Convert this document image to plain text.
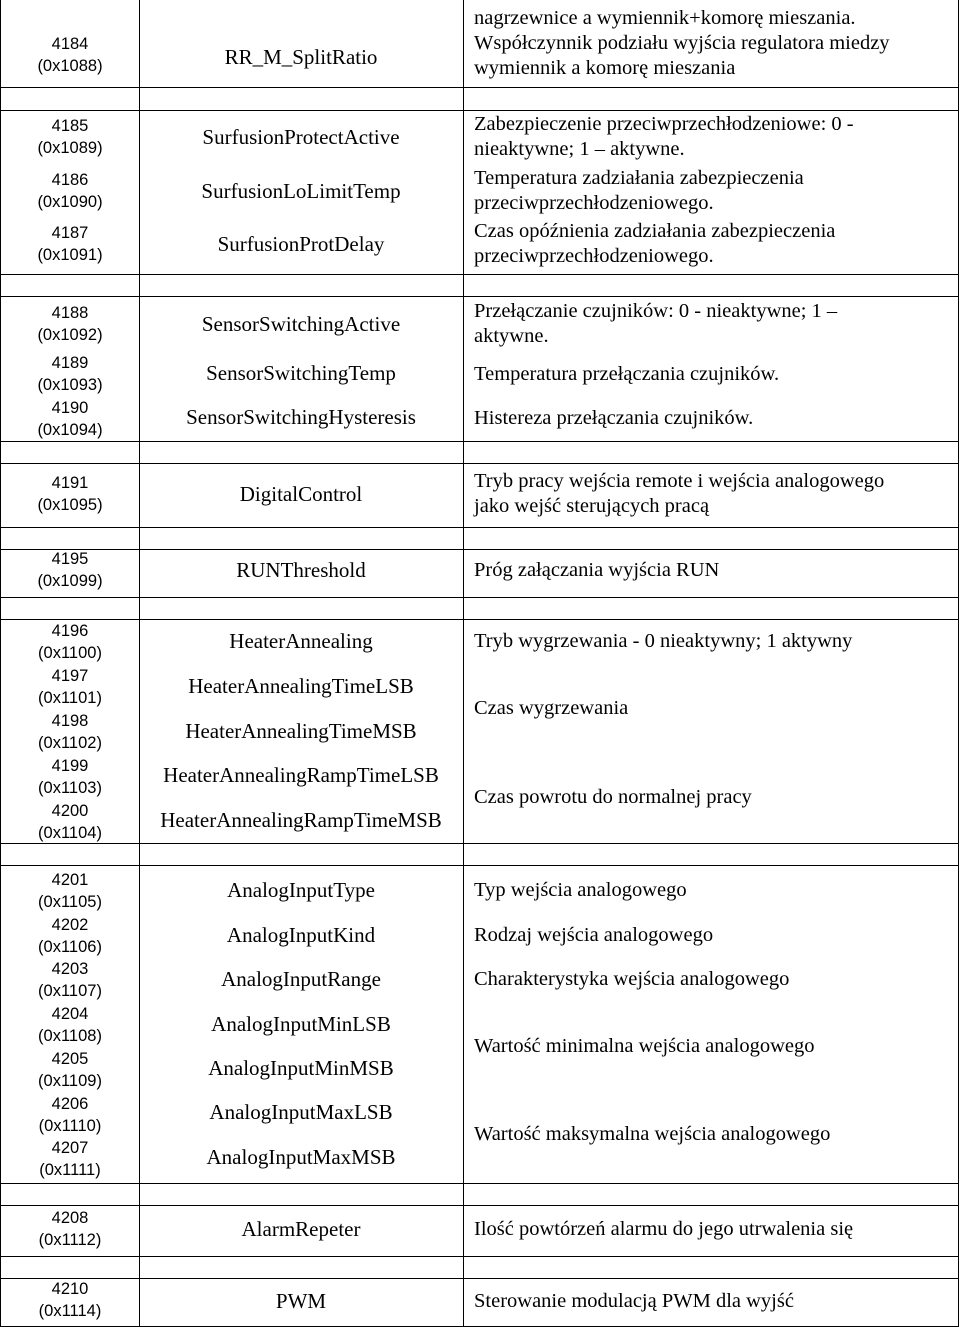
4184
(0x1088)
4185
(0x1089)
4186
(0x1090)
4187
(0x1091)
4188
(0x1092)
4189
(0x1093)
4190
(0x1094)
4191
(0x1095)
4195
(0x1099)
4196
(0x1100)
4197
(0x1101)
4198
(0x1102)
4199
(0x1103)
4200
(0x1104)
4201
(0x1105)
4202
(0x1106)
4203
(0x1107)
4204
(0x1108)
4205
(0x1109)
4206
(0x1110)
4207
(0x1111)
4208
(0x1112)
4210
(0x1114)
RR_M_SplitRatio
SurfusionProtectActive
SurfusionLoLimitTemp
SurfusionProtDelay
SensorSwitchingActive
SensorSwitchingTemp
SensorSwitchingHysteresis
DigitalControl
RUNThreshold
HeaterAnnealing
HeaterAnnealingTimeLSB
HeaterAnnealingTimeMSB
HeaterAnnealingRampTimeLSB
HeaterAnnealingRampTimeMSB
AnalogInputType
AnalogInputKind
AnalogInputRange
AnalogInputMinLSB
AnalogInputMinMSB
AnalogInputMaxLSB
AnalogInputMaxMSB
AlarmRepeter
PWM
nagrzewnice a wymiennik+komorę mieszania.
Współczynnik podziału wyjścia regulatora miedzy
wymiennik a komorę mieszania
Zabezpieczenie przeciwprzechłodzeniowe: 0 -
nieaktywne; 1 – aktywne.
Temperatura zadziałania zabezpieczenia
przeciwprzechłodzeniowego.
Czas opóźnienia zadziałania zabezpieczenia
przeciwprzechłodzeniowego.
Przełączanie czujników: 0 - nieaktywne; 1 –
aktywne.
Temperatura przełączania czujników.
Histereza przełączania czujników.
Tryb pracy wejścia remote i wejścia analogowego
jako wejść sterujących pracą
Próg załączania wyjścia RUN
Tryb wygrzewania - 0 nieaktywny; 1 aktywny
Czas wygrzewania
Czas powrotu do normalnej pracy
Typ wejścia analogowego
Rodzaj wejścia analogowego
Charakterystyka wejścia analogowego
Wartość minimalna wejścia analogowego
Wartość maksymalna wejścia analogowego
Ilość powtórzeń alarmu do jego utrwalenia się
Sterowanie modulacją PWM dla wyjść
